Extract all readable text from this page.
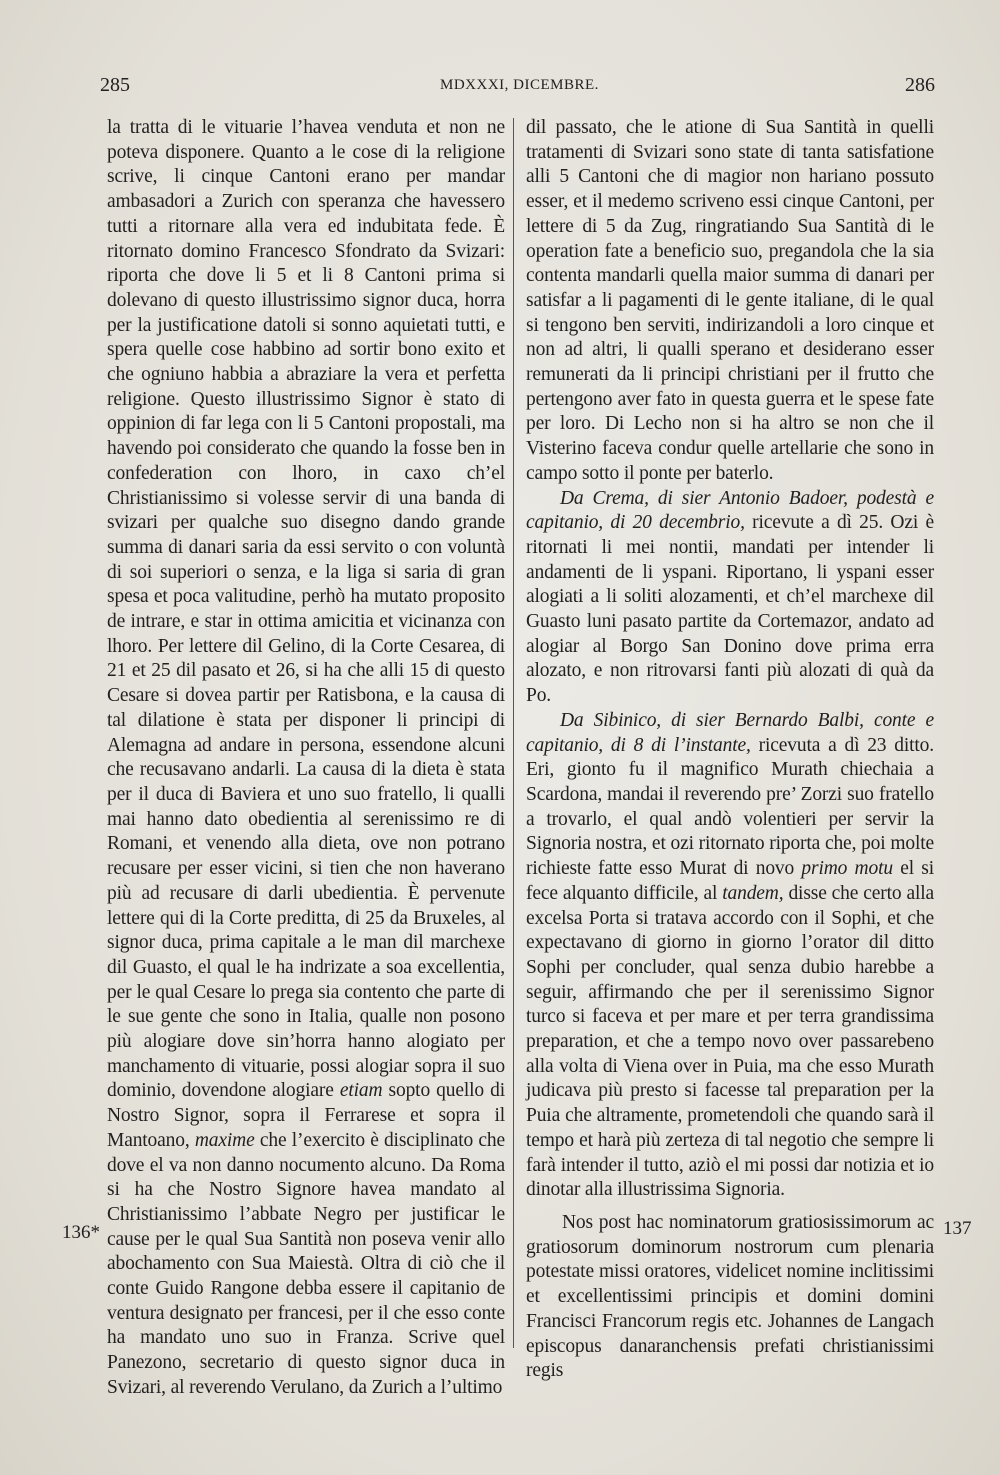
285	MDXXXI, DICEMBRE.	286

la tratta di le vituarie l’havea venduta et non ne poteva disponere. Quanto a le cose di la religione scrive, li cinque Cantoni erano per mandar ambasadori a Zurich con speranza che havessero tutti a ritornare alla vera ed indubitata fede. È ritornato domino Francesco Sfondrato da Svizari: riporta che dove li 5 et li 8 Cantoni prima si dolevano di questo illustrissimo signor duca, horra per la justificatione datoli si sonno aquietati tutti, e spera quelle cose habbino ad sortir bono exito et che ogniuno habbia a abraziare la vera et perfetta religione. Questo illustrissimo Signor è stato di oppinion di far lega con li 5 Cantoni propostali, ma havendo poi considerato che quando la fosse ben in confederation con lhoro, in caxo ch’el Christianissimo si volesse servir di una banda di svizari per qualche suo disegno dando grande summa di danari saria da essi servito o con voluntà di soi superiori o senza, e la liga si saria di gran spesa et poca valitudine, perhò ha mutato proposito de intrare, e star in ottima amicitia et vicinanza con lhoro. Per lettere dil Gelino, di la Corte Cesarea, di 21 et 25 dil pasato et 26, si ha che alli 15 di questo Cesare si dovea partir per Ratisbona, e la causa di tal dilatione è stata per disponer li principi di Alemagna ad andare in persona, essendone alcuni che recusavano andarli. La causa di la dieta è stata per il duca di Baviera et uno suo fratello, li qualli mai hanno dato obedientia al serenissimo re di Romani, et venendo alla dieta, ove non potrano recusare per esser vicini, si tien che non haverano più ad recusare di darli ubedientia. È pervenute lettere qui di la Corte preditta, di 25 da Bruxeles, al signor duca, prima capitale a le man dil marchexe dil Guasto, el qual le ha indrizate a soa excellentia, per le qual Cesare lo prega sia contento che parte di le sue gente che sono in Italia, qualle non posono più alogiare dove sin’horra hanno alogiato per manchamento di vituarie, possi alogiar sopra il suo dominio, dovendone alogiare etiam sopto quello di Nostro Signor, sopra il Ferrarese et sopra il Mantoano, maxime che l’exercito è disciplinato che dove el va non danno nocumento alcuno. Da Roma si ha che Nostro Signore havea mandato al Christianissimo l’abbate Negro per justificar le cause per le qual Sua Santità non poseva venir allo abochamento con Sua Maiestà. Oltra di ciò che il conte Guido Rangone debba essere il capitanio de ventura designato per francesi, per il che esso conte ha mandato uno suo in Franza. Scrive quel Panezono, secretario di questo signor duca in Svizari, al reverendo Verulano, da Zurich a l’ultimo

dil passato, che le atione di Sua Santità in quelli tratamenti di Svizari sono state di tanta satisfatione alli 5 Cantoni che di magior non hariano possuto esser, et il medemo scriveno essi cinque Cantoni, per lettere di 5 da Zug, ringratiando Sua Santità di le operation fate a beneficio suo, pregandola che la sia contenta mandarli quella maior summa di danari per satisfar a li pagamenti di le gente italiane, di le qual si tengono ben serviti, indirizandoli a loro cinque et non ad altri, li qualli sperano et desiderano esser remunerati da li principi christiani per il frutto che pertengono aver fato in questa guerra et le spese fate per loro. Di Lecho non si ha altro se non che il Visterino faceva condur quelle artellarie che sono in campo sotto il ponte per baterlo.

Da Crema, di sier Antonio Badoer, podestà e capitanio, di 20 decembrio, ricevute a dì 25. Ozi è ritornati li mei nontii, mandati per intender li andamenti de li yspani. Riportano, li yspani esser alogiati a li soliti alozamenti, et ch’el marchexe dil Guasto luni pasato partite da Cortemazor, andato ad alogiar al Borgo San Donino dove prima erra alozato, e non ritrovarsi fanti più alozati di quà da Po.

Da Sibinico, di sier Bernardo Balbi, conte e capitanio, di 8 di l’instante, ricevuta a dì 23 ditto. Eri, gionto fu il magnifico Murath chiechaia a Scardona, mandai il reverendo pre’ Zorzi suo fratello a trovarlo, el qual andò volentieri per servir la Signoria nostra, et ozi ritornato riporta che, poi molte richieste fatte esso Murat di novo primo motu el si fece alquanto difficile, al tandem, disse che certo alla excelsa Porta si tratava accordo con il Sophi, et che expectavano di giorno in giorno l’orator dil ditto Sophi per concluder, qual senza dubio harebbe a seguir, affirmando che per il serenissimo Signor turco si faceva et per mare et per terra grandissima preparation, et che a tempo novo over passarebeno alla volta di Viena over in Puia, ma che esso Murath judicava più presto si facesse tal preparation per la Puia che altramente, prometendoli che quando sarà il tempo et harà più zerteza di tal negotio che sempre li farà intender il tutto, aziò el mi possi dar notizia et io dinotar alla illustrissima Signoria.

Nos post hac nominatorum gratiosissimorum ac gratiosorum dominorum nostrorum cum plenaria potestate missi oratores, videlicet nomine inclitissimi et excellentissimi principis et domini domini Francisci Francorum regis etc. Johannes de Langach episcopus danaranchensis prefati christianissimi regis

136*	137
